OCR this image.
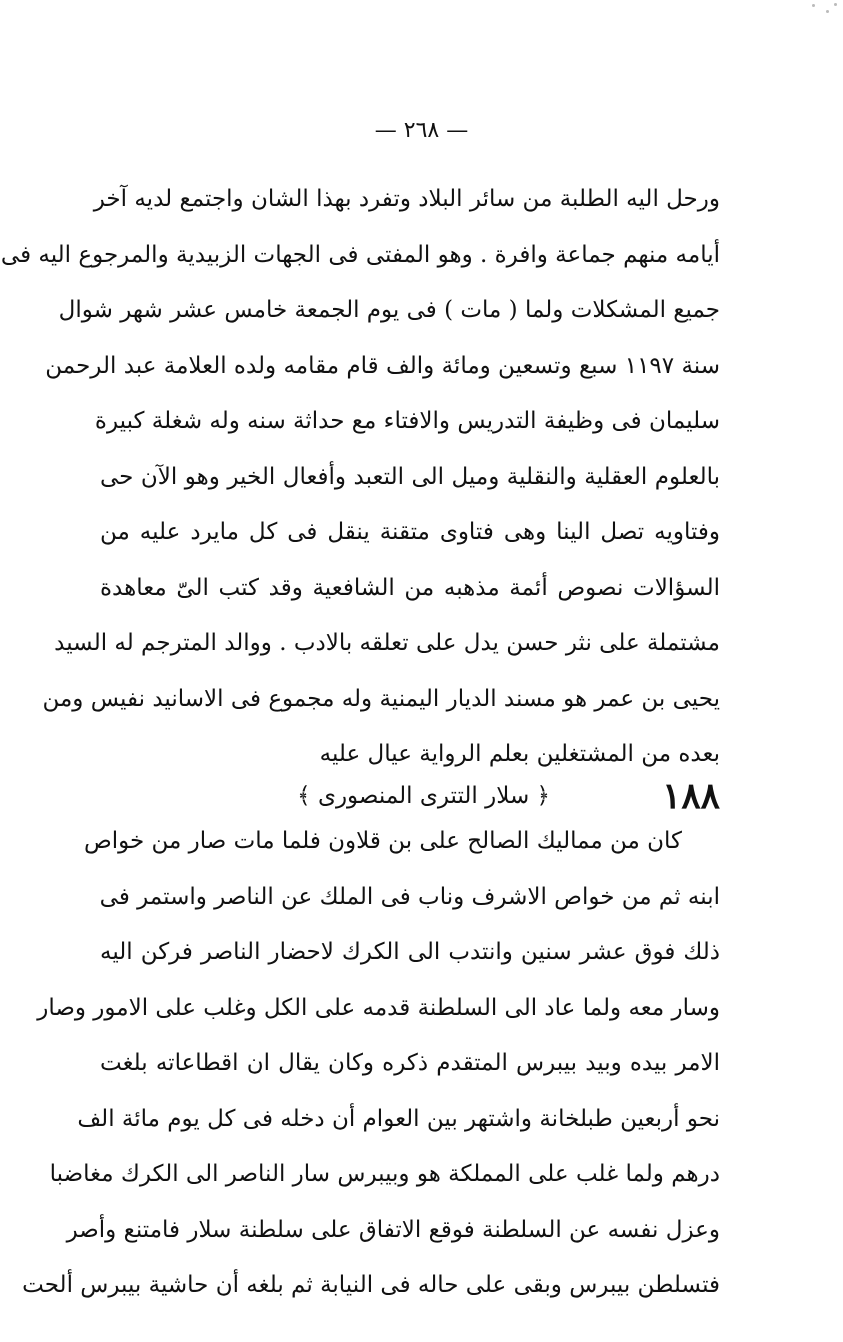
— ٢٦٨ —
ورحل اليه الطلبة من سائر البلاد وتفرد بهذا الشان واجتمع لديه آخر
أيامه منهم جماعة وافرة . وهو المفتى فى الجهات الزبيدية والمرجوع اليه فى
جميع المشكلات ولما ( مات ) فى يوم الجمعة خامس عشر شهر شوال
سنة ١١٩٧ سبع وتسعين ومائة والف قام مقامه ولده العلامة عبد الرحمن
سليمان فى وظيفة التدريس والافتاء مع حداثة سنه وله شغلة كبيرة
بالعلوم العقلية والنقلية وميل الى التعبد وأفعال الخير وهو الآن حى
وفتاويه تصل الينا وهى فتاوى متقنة ينقل فى كل مايرد عليه من
السؤالات نصوص أئمة مذهبه من الشافعية وقد كتب الىّ معاهدة
مشتملة على نثر حسن يدل على تعلقه بالادب . ووالد المترجم له السيد
يحيى بن عمر هو مسند الديار اليمنية وله مجموع فى الاسانيد نفيس ومن
بعده من المشتغلين بعلم الرواية عيال عليه
١٨٨
﴿ سلار التترى المنصورى ﴾
كان من مماليك الصالح على بن قلاون فلما مات صار من خواص
ابنه ثم من خواص الاشرف وناب فى الملك عن الناصر واستمر فى
ذلك فوق عشر سنين وانتدب الى الكرك لاحضار الناصر فركن اليه
وسار معه ولما عاد الى السلطنة قدمه على الكل وغلب على الامور وصار
الامر بيده وبيد بيبرس المتقدم ذكره وكان يقال ان اقطاعاته بلغت
نحو أربعين طبلخانة واشتهر بين العوام أن دخله فى كل يوم مائة الف
درهم ولما غلب على المملكة هو وبيبرس سار الناصر الى الكرك مغاضبا
وعزل نفسه عن السلطنة فوقع الاتفاق على سلطنة سلار فامتنع وأصر
فتسلطن بيبرس وبقى على حاله فى النيابة ثم بلغه أن حاشية بيبرس ألحت
